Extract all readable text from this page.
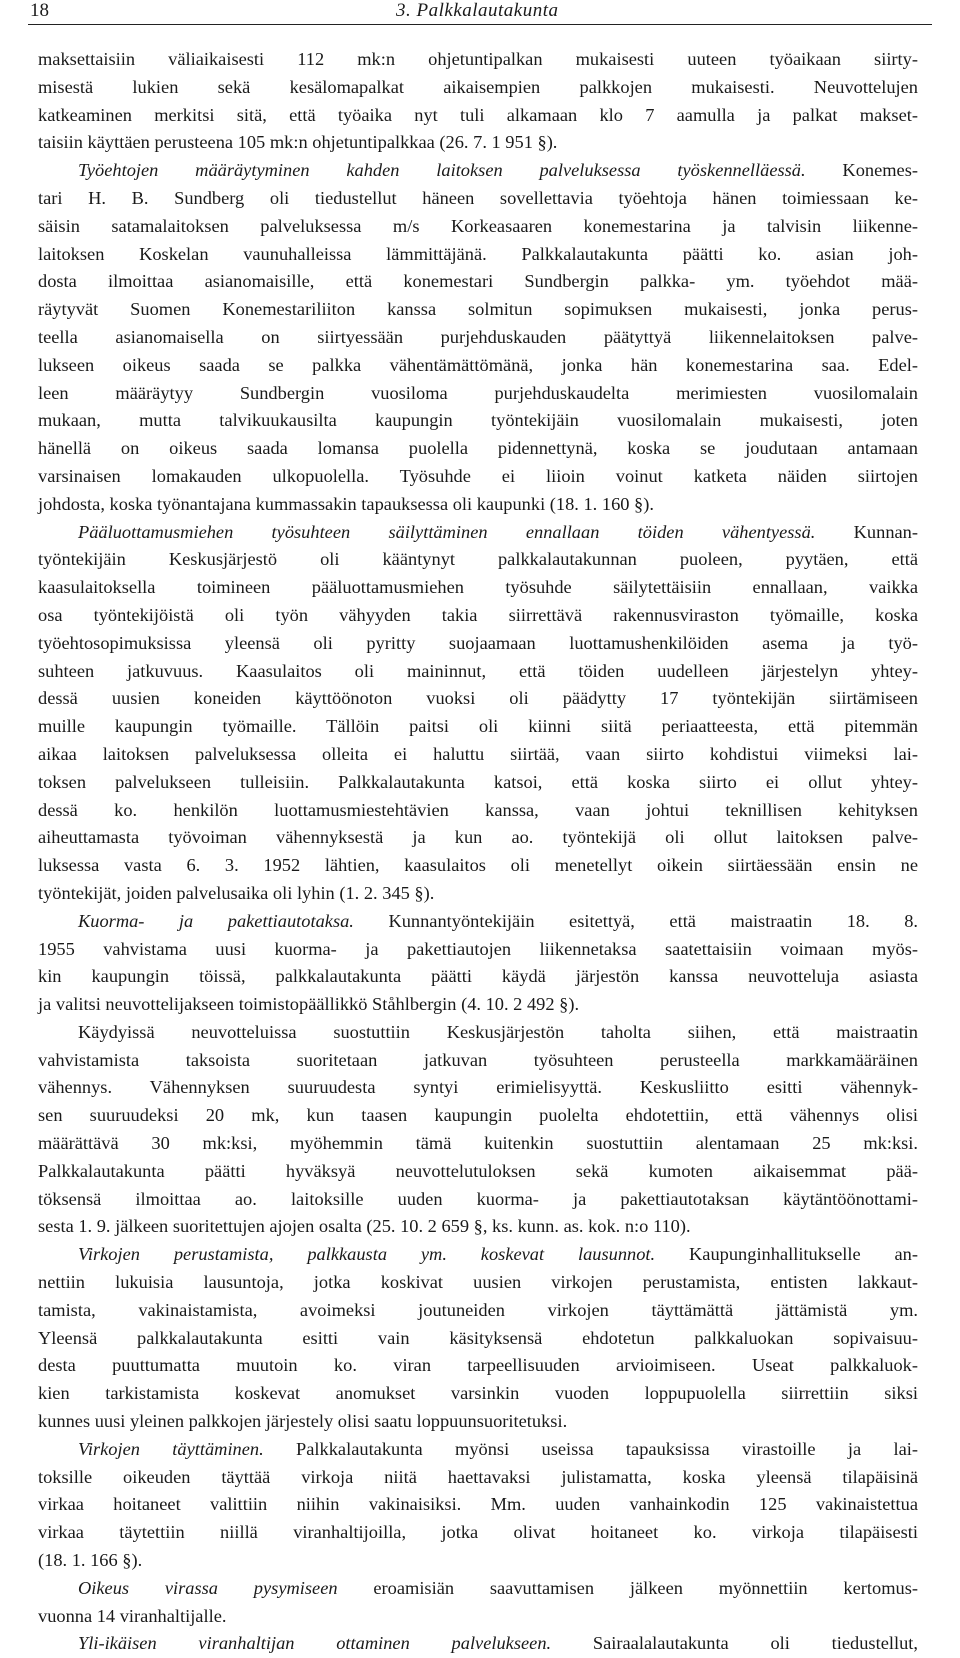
18	3. Palkkalautakunta
maksettaisiin väliaikaisesti 112 mk:n ohjetuntipalkan mukaisesti uuteen työaikaan siirty-
misestä lukien sekä kesälomapalkat aikaisempien palkkojen mukaisesti. Neuvottelujen
katkeaminen merkitsi sitä, että työaika nyt tuli alkamaan klo 7 aamulla ja palkat makset-
taisiin käyttäen perusteena 105 mk:n ohjetuntipalkkaa (26. 7. 1 951 §).
Työehtojen määräytyminen kahden laitoksen palveluksessa työskennelläessä. Konemes-
tari H. B. Sundberg oli tiedustellut häneen sovellettavia työehtoja hänen toimiessaan ke-
säisin satamalaitoksen palveluksessa m/s Korkeasaaren konemestarina ja talvisin liikenne-
laitoksen Koskelan vaunuhalleissa lämmittäjänä. Palkkalautakunta päätti ko. asian joh-
dosta ilmoittaa asianomaisille, että konemestari Sundbergin palkka- ym. työehdot mää-
räytyvät Suomen Konemestariliiton kanssa solmitun sopimuksen mukaisesti, jonka perus-
teella asianomaisella on siirtyessään purjehduskauden päätyttyä liikennelaitoksen palve-
lukseen oikeus saada se palkka vähentämättömänä, jonka hän konemestarina saa. Edel-
leen määräytyy Sundbergin vuosiloma purjehduskaudelta merimiesten vuosilomalain
mukaan, mutta talvikuukausilta kaupungin työntekijäin vuosilomalain mukaisesti, joten
hänellä on oikeus saada lomansa puolella pidennettynä, koska se joudutaan antamaan
varsinaisen lomakauden ulkopuolella. Työsuhde ei liioin voinut katketa näiden siirtojen
johdosta, koska työnantajana kummassakin tapauksessa oli kaupunki (18. 1. 160 §).
Pääluottamusmiehen työsuhteen säilyttäminen ennallaan töiden vähentyessä. Kunnan-
työntekijäin Keskusjärjestö oli kääntynyt palkkalautakunnan puoleen, pyytäen, että
kaasulaitoksella toimineen pääluottamusmiehen työsuhde säilytettäisiin ennallaan, vaikka
osa työntekijöistä oli työn vähyyden takia siirrettävä rakennusviraston työmaille, koska
työehtosopimuksissa yleensä oli pyritty suojaamaan luottamushenkilöiden asema ja työ-
suhteen jatkuvuus. Kaasulaitos oli maininnut, että töiden uudelleen järjestelyn yhtey-
dessä uusien koneiden käyttöönoton vuoksi oli päädytty 17 työntekijän siirtämiseen
muille kaupungin työmaille. Tällöin paitsi oli kiinni siitä periaatteesta, että pitemmän
aikaa laitoksen palveluksessa olleita ei haluttu siirtää, vaan siirto kohdistui viimeksi lai-
toksen palvelukseen tulleisiin. Palkkalautakunta katsoi, että koska siirto ei ollut yhtey-
dessä ko. henkilön luottamusmiestehtävien kanssa, vaan johtui teknillisen kehityksen
aiheuttamasta työvoiman vähennyksestä ja kun ao. työntekijä oli ollut laitoksen palve-
luksessa vasta 6. 3. 1952 lähtien, kaasulaitos oli menetellyt oikein siirtäessään ensin ne
työntekijät, joiden palvelusaika oli lyhin (1. 2. 345 §).
Kuorma- ja pakettiautotaksa. Kunnantyöntekijäin esitettyä, että maistraatin 18. 8.
1955 vahvistama uusi kuorma- ja pakettiautojen liikennetaksa saatettaisiin voimaan myös-
kin kaupungin töissä, palkkalautakunta päätti käydä järjestön kanssa neuvotteluja asiasta
ja valitsi neuvottelijakseen toimistopäällikkö Ståhlbergin (4. 10. 2 492 §).
Käydyissä neuvotteluissa suostuttiin Keskusjärjestön taholta siihen, että maistraatin
vahvistamista taksoista suoritetaan jatkuvan työsuhteen perusteella markkamääräinen
vähennys. Vähennyksen suuruudesta syntyi erimielisyyttä. Keskusliitto esitti vähennyk-
sen suuruudeksi 20 mk, kun taasen kaupungin puolelta ehdotettiin, että vähennys olisi
määrättävä 30 mk:ksi, myöhemmin tämä kuitenkin suostuttiin alentamaan 25 mk:ksi.
Palkkalautakunta päätti hyväksyä neuvottelutuloksen sekä kumoten aikaisemmat pää-
töksensä ilmoittaa ao. laitoksille uuden kuorma- ja pakettiautotaksan käytäntöönottami-
sesta 1. 9. jälkeen suoritettujen ajojen osalta (25. 10. 2 659 §, ks. kunn. as. kok. n:o 110).
Virkojen perustamista, palkkausta ym. koskevat lausunnot. Kaupunginhallitukselle an-
nettiin lukuisia lausuntoja, jotka koskivat uusien virkojen perustamista, entisten lakkaut-
tamista, vakinaistamista, avoimeksi joutuneiden virkojen täyttämättä jättämistä ym.
Yleensä palkkalautakunta esitti vain käsityksensä ehdotetun palkkaluokan sopivaisuu-
desta puuttumatta muutoin ko. viran tarpeellisuuden arvioimiseen. Useat palkkaluok-
kien tarkistamista koskevat anomukset varsinkin vuoden loppupuolella siirrettiin siksi
kunnes uusi yleinen palkkojen järjestely olisi saatu loppuunsuoritetuksi.
Virkojen täyttäminen. Palkkalautakunta myönsi useissa tapauksissa virastoille ja lai-
toksille oikeuden täyttää virkoja niitä haettavaksi julistamatta, koska yleensä tilapäisinä
virkaa hoitaneet valittiin niihin vakinaisiksi. Mm. uuden vanhainkodin 125 vakinaistettua
virkaa täytettiin niillä viranhaltijoilla, jotka olivat hoitaneet ko. virkoja tilapäisesti
(18. 1. 166 §).
Oikeus virassa pysymiseen eroamisiän saavuttamisen jälkeen myönnettiin kertomus-
vuonna 14 viranhaltijalle.
Yli-ikäisen viranhaltijan ottaminen palvelukseen. Sairaalalautakunta oli tiedustellut,
